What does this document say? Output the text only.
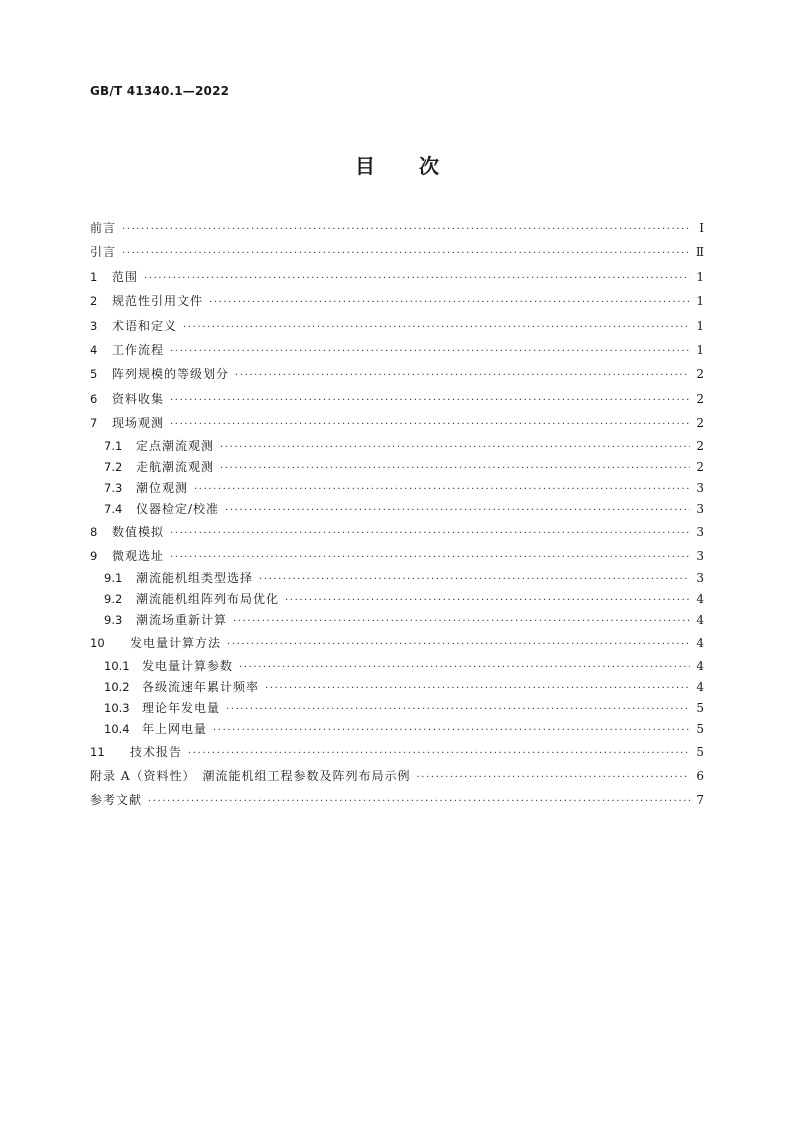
GB/T 41340.1—2022
目 次
前言 ·····	Ⅰ
引言 ·····	Ⅱ
1	范围 ·····	1
2	规范性引用文件 ·····	1
3	术语和定义 ·····	1
4	工作流程 ·····	1
5	阵列规模的等级划分 ·····	2
6	资料收集 ·····	2
7	现场观测 ·····	2
7.1	定点潮流观测 ·····	2
7.2	走航潮流观测 ·····	2
7.3	潮位观测 ·····	3
7.4	仪器检定/校准 ·····	3
8	数值模拟 ·····	3
9	微观选址 ·····	3
9.1	潮流能机组类型选择 ·····	3
9.2	潮流能机组阵列布局优化 ·····	4
9.3	潮流场重新计算 ·····	4
10	发电量计算方法 ·····	4
10.1	发电量计算参数 ·····	4
10.2	各级流速年累计频率 ·····	4
10.3	理论年发电量 ·····	5
10.4	年上网电量 ·····	5
11	技术报告 ·····	5
附录 A（资料性）　潮流能机组工程参数及阵列布局示例 ·····	6
参考文献 ·····	7
